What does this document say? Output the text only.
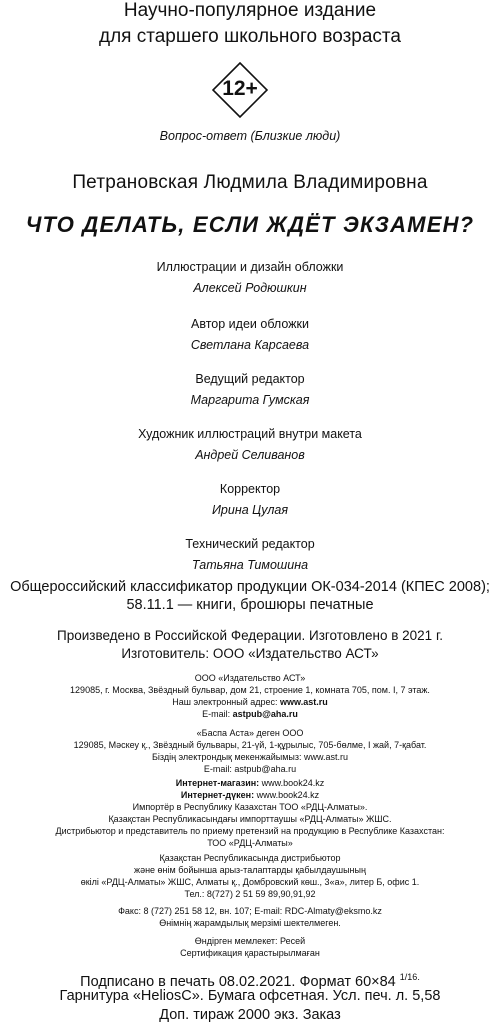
Научно-популярное издание
для старшего школьного возраста
12+
Вопрос-ответ (Близкие люди)
Петрановская Людмила Владимировна
ЧТО ДЕЛАТЬ, ЕСЛИ ЖДЁТ ЭКЗАМЕН?
Иллюстрации и дизайн обложки
Алексей Родюшкин
Автор идеи обложки
Светлана Карсаева
Ведущий редактор
Маргарита Гумская
Художник иллюстраций внутри макета
Андрей Селиванов
Корректор
Ирина Цулая
Технический редактор
Татьяна Тимошина
Общероссийский классификатор продукции ОК-034-2014 (КПЕС 2008);
58.11.1 — книги, брошюры печатные
Произведено в Российской Федерации. Изготовлено в 2021 г.
Изготовитель: ООО «Издательство АСТ»
ООО «Издательство АСТ»
129085, г. Москва, Звёздный бульвар, дом 21, строение 1, комната 705, пом. I, 7 этаж.
Наш электронный адрес: www.ast.ru
E-mail: astpub@aha.ru
«Баспа Аста» деген ООО
129085, Мәскеу қ., Звёздный бульвары, 21-үй, 1-құрылыс, 705-бөлме, I жай, 7-қабат.
Біздің электрондық мекенжайымыз: www.ast.ru
E-mail: astpub@aha.ru
Интернет-магазин: www.book24.kz
Интернет-дүкен: www.book24.kz
Импортёр в Республику Казахстан ТОО «РДЦ-Алматы».
Қазақстан Республикасындағы импорттаушы «РДЦ-Алматы» ЖШС.
Дистрибьютор и представитель по приему претензий на продукцию в Республике Казахстан:
ТОО «РДЦ-Алматы»
Қазақстан Республикасында дистрибьютор
және өнім бойынша арыз-талаптарды қабылдаушының
өкілі «РДЦ-Алматы» ЖШС, Алматы қ., Домбровский көш., 3«а», литер Б, офис 1.
Тел.: 8(727) 2 51 59 89,90,91,92
Факс: 8 (727) 251 58 12, вн. 107; E-mail: RDC-Almaty@eksmo.kz
Өнімнің жарамдылық мерзімі шектелмеген.
Өндірген мемлекет: Ресей
Сертификация қарастырылмаған
Подписано в печать 08.02.2021. Формат 60×84 $^{1/16.}$
Гарнитура «HeliosC». Бумага офсетная. Усл. печ. л. 5,58
Доп. тираж 2000 экз. Заказ
